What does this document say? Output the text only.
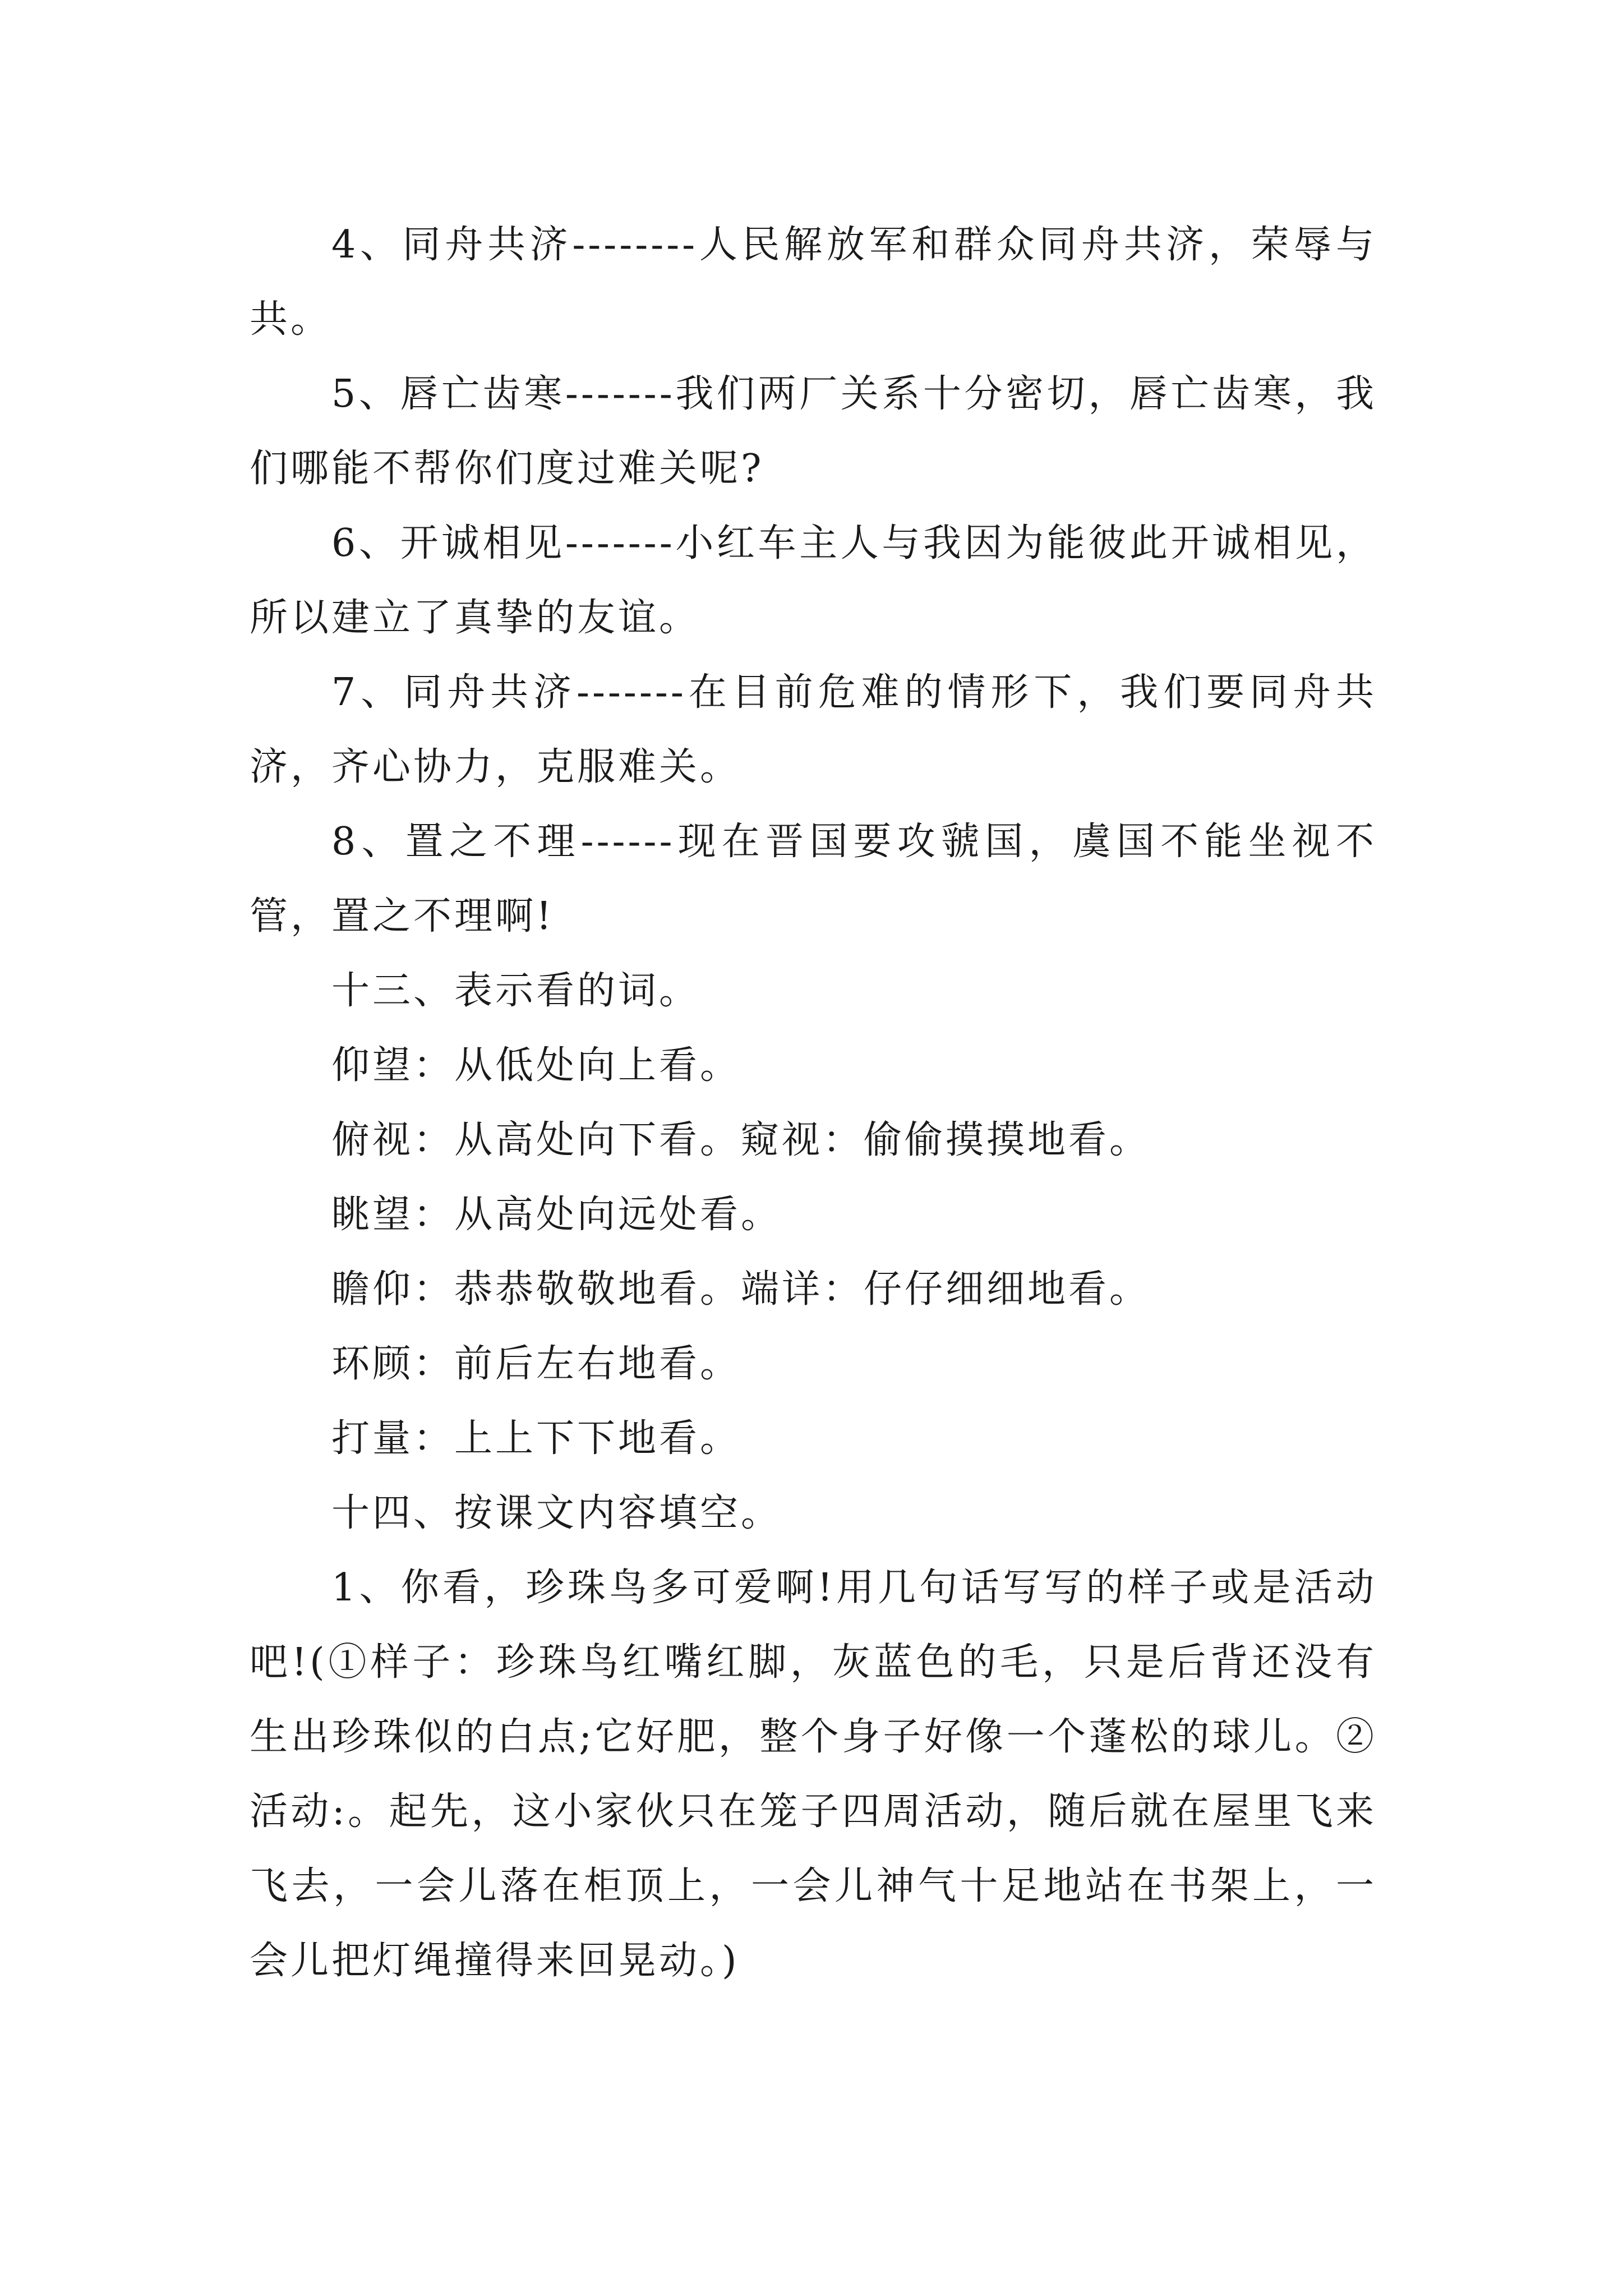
4、同舟共济--------人民解放军和群众同舟共济，荣辱与共。

5、唇亡齿寒-------我们两厂关系十分密切，唇亡齿寒，我们哪能不帮你们度过难关呢?

6、开诚相见-------小红车主人与我因为能彼此开诚相见，所以建立了真挚的友谊。

7、同舟共济-------在目前危难的情形下，我们要同舟共济，齐心协力，克服难关。

8、置之不理------现在晋国要攻虢国，虞国不能坐视不管，置之不理啊!

十三、表示看的词。

仰望：从低处向上看。

俯视：从高处向下看。窥视：偷偷摸摸地看。

眺望：从高处向远处看。

瞻仰：恭恭敬敬地看。端详：仔仔细细地看。

环顾：前后左右地看。

打量：上上下下地看。

十四、按课文内容填空。

1、你看，珍珠鸟多可爱啊!用几句话写写的样子或是活动吧!(①样子：珍珠鸟红嘴红脚，灰蓝色的毛，只是后背还没有生出珍珠似的白点;它好肥，整个身子好像一个蓬松的球儿。②活动:。起先，这小家伙只在笼子四周活动，随后就在屋里飞来飞去，一会儿落在柜顶上，一会儿神气十足地站在书架上，一会儿把灯绳撞得来回晃动。)
